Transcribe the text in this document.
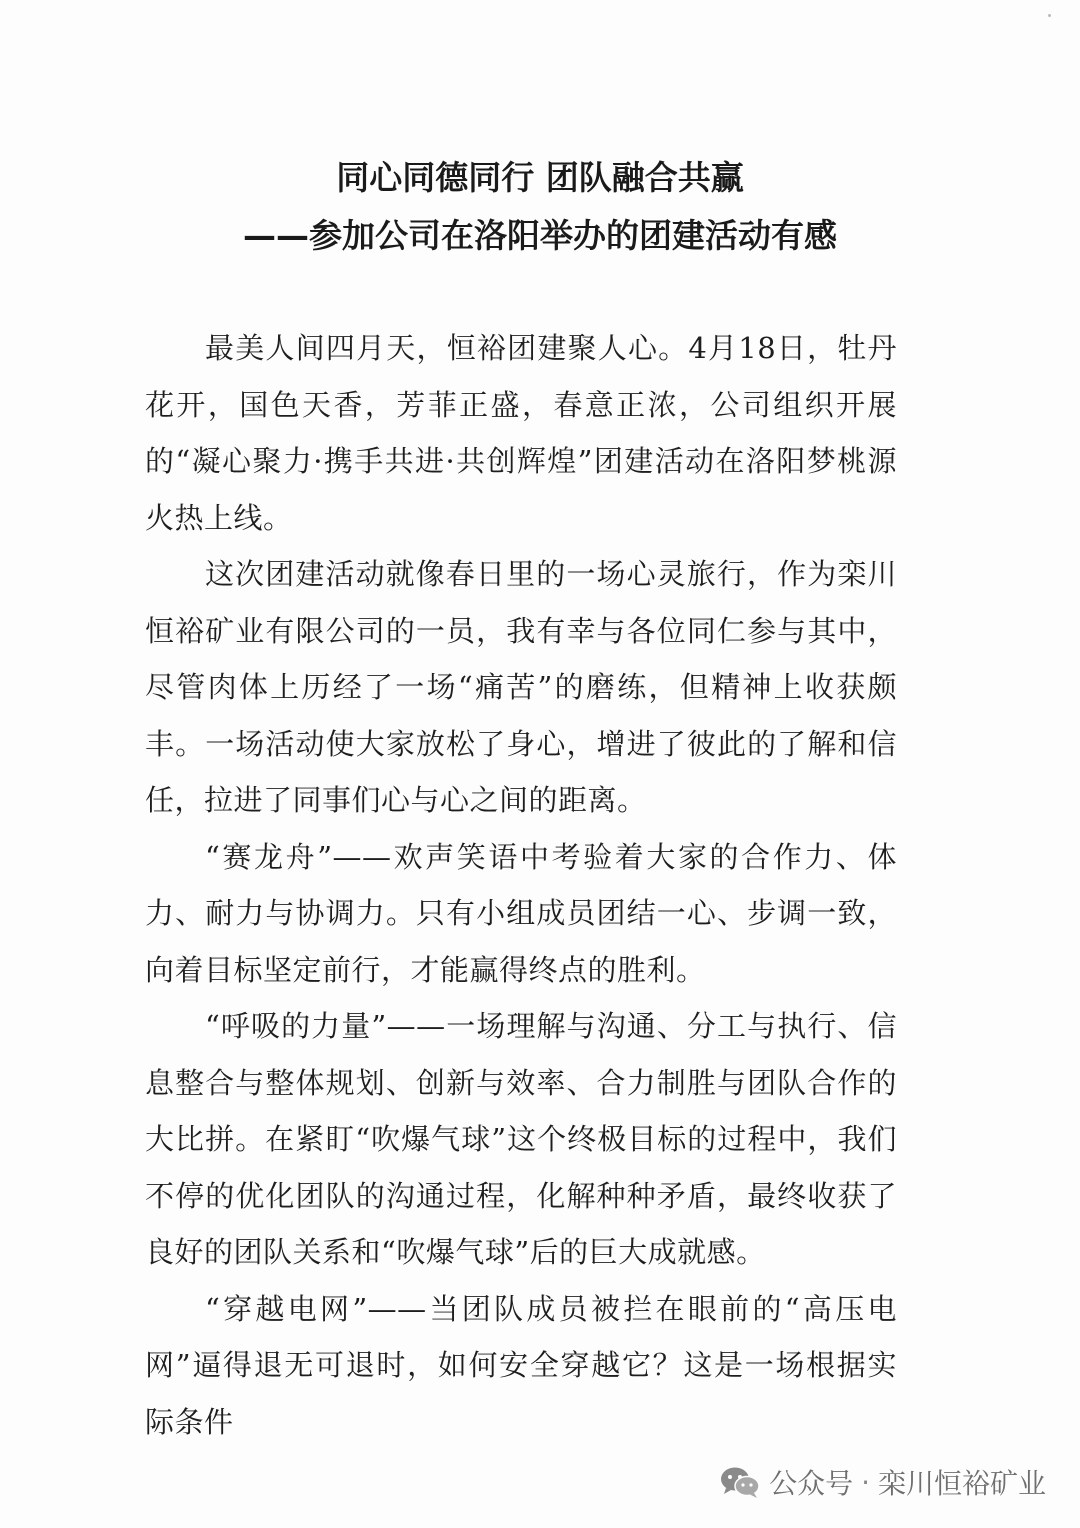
同心同德同行 团队融合共赢
——参加公司在洛阳举办的团建活动有感

最美人间四月天，恒裕团建聚人心。4月18日，牡丹花开，国色天香，芳菲正盛，春意正浓，公司组织开展的“凝心聚力·携手共进·共创辉煌”团建活动在洛阳梦桃源火热上线。

这次团建活动就像春日里的一场心灵旅行，作为栾川恒裕矿业有限公司的一员，我有幸与各位同仁参与其中，尽管肉体上历经了一场“痛苦”的磨练，但精神上收获颇丰。一场活动使大家放松了身心，增进了彼此的了解和信任，拉进了同事们心与心之间的距离。

“赛龙舟”——欢声笑语中考验着大家的合作力、体力、耐力与协调力。只有小组成员团结一心、步调一致，向着目标坚定前行，才能赢得终点的胜利。

“呼吸的力量”——一场理解与沟通、分工与执行、信息整合与整体规划、创新与效率、合力制胜与团队合作的大比拼。在紧盯“吹爆气球”这个终极目标的过程中，我们不停的优化团队的沟通过程，化解种种矛盾，最终收获了良好的团队关系和“吹爆气球”后的巨大成就感。

“穿越电网”——当团队成员被拦在眼前的“高压电网”逼得退无可退时，如何安全穿越它？这是一场根据实际条件

公众号 · 栾川恒裕矿业
